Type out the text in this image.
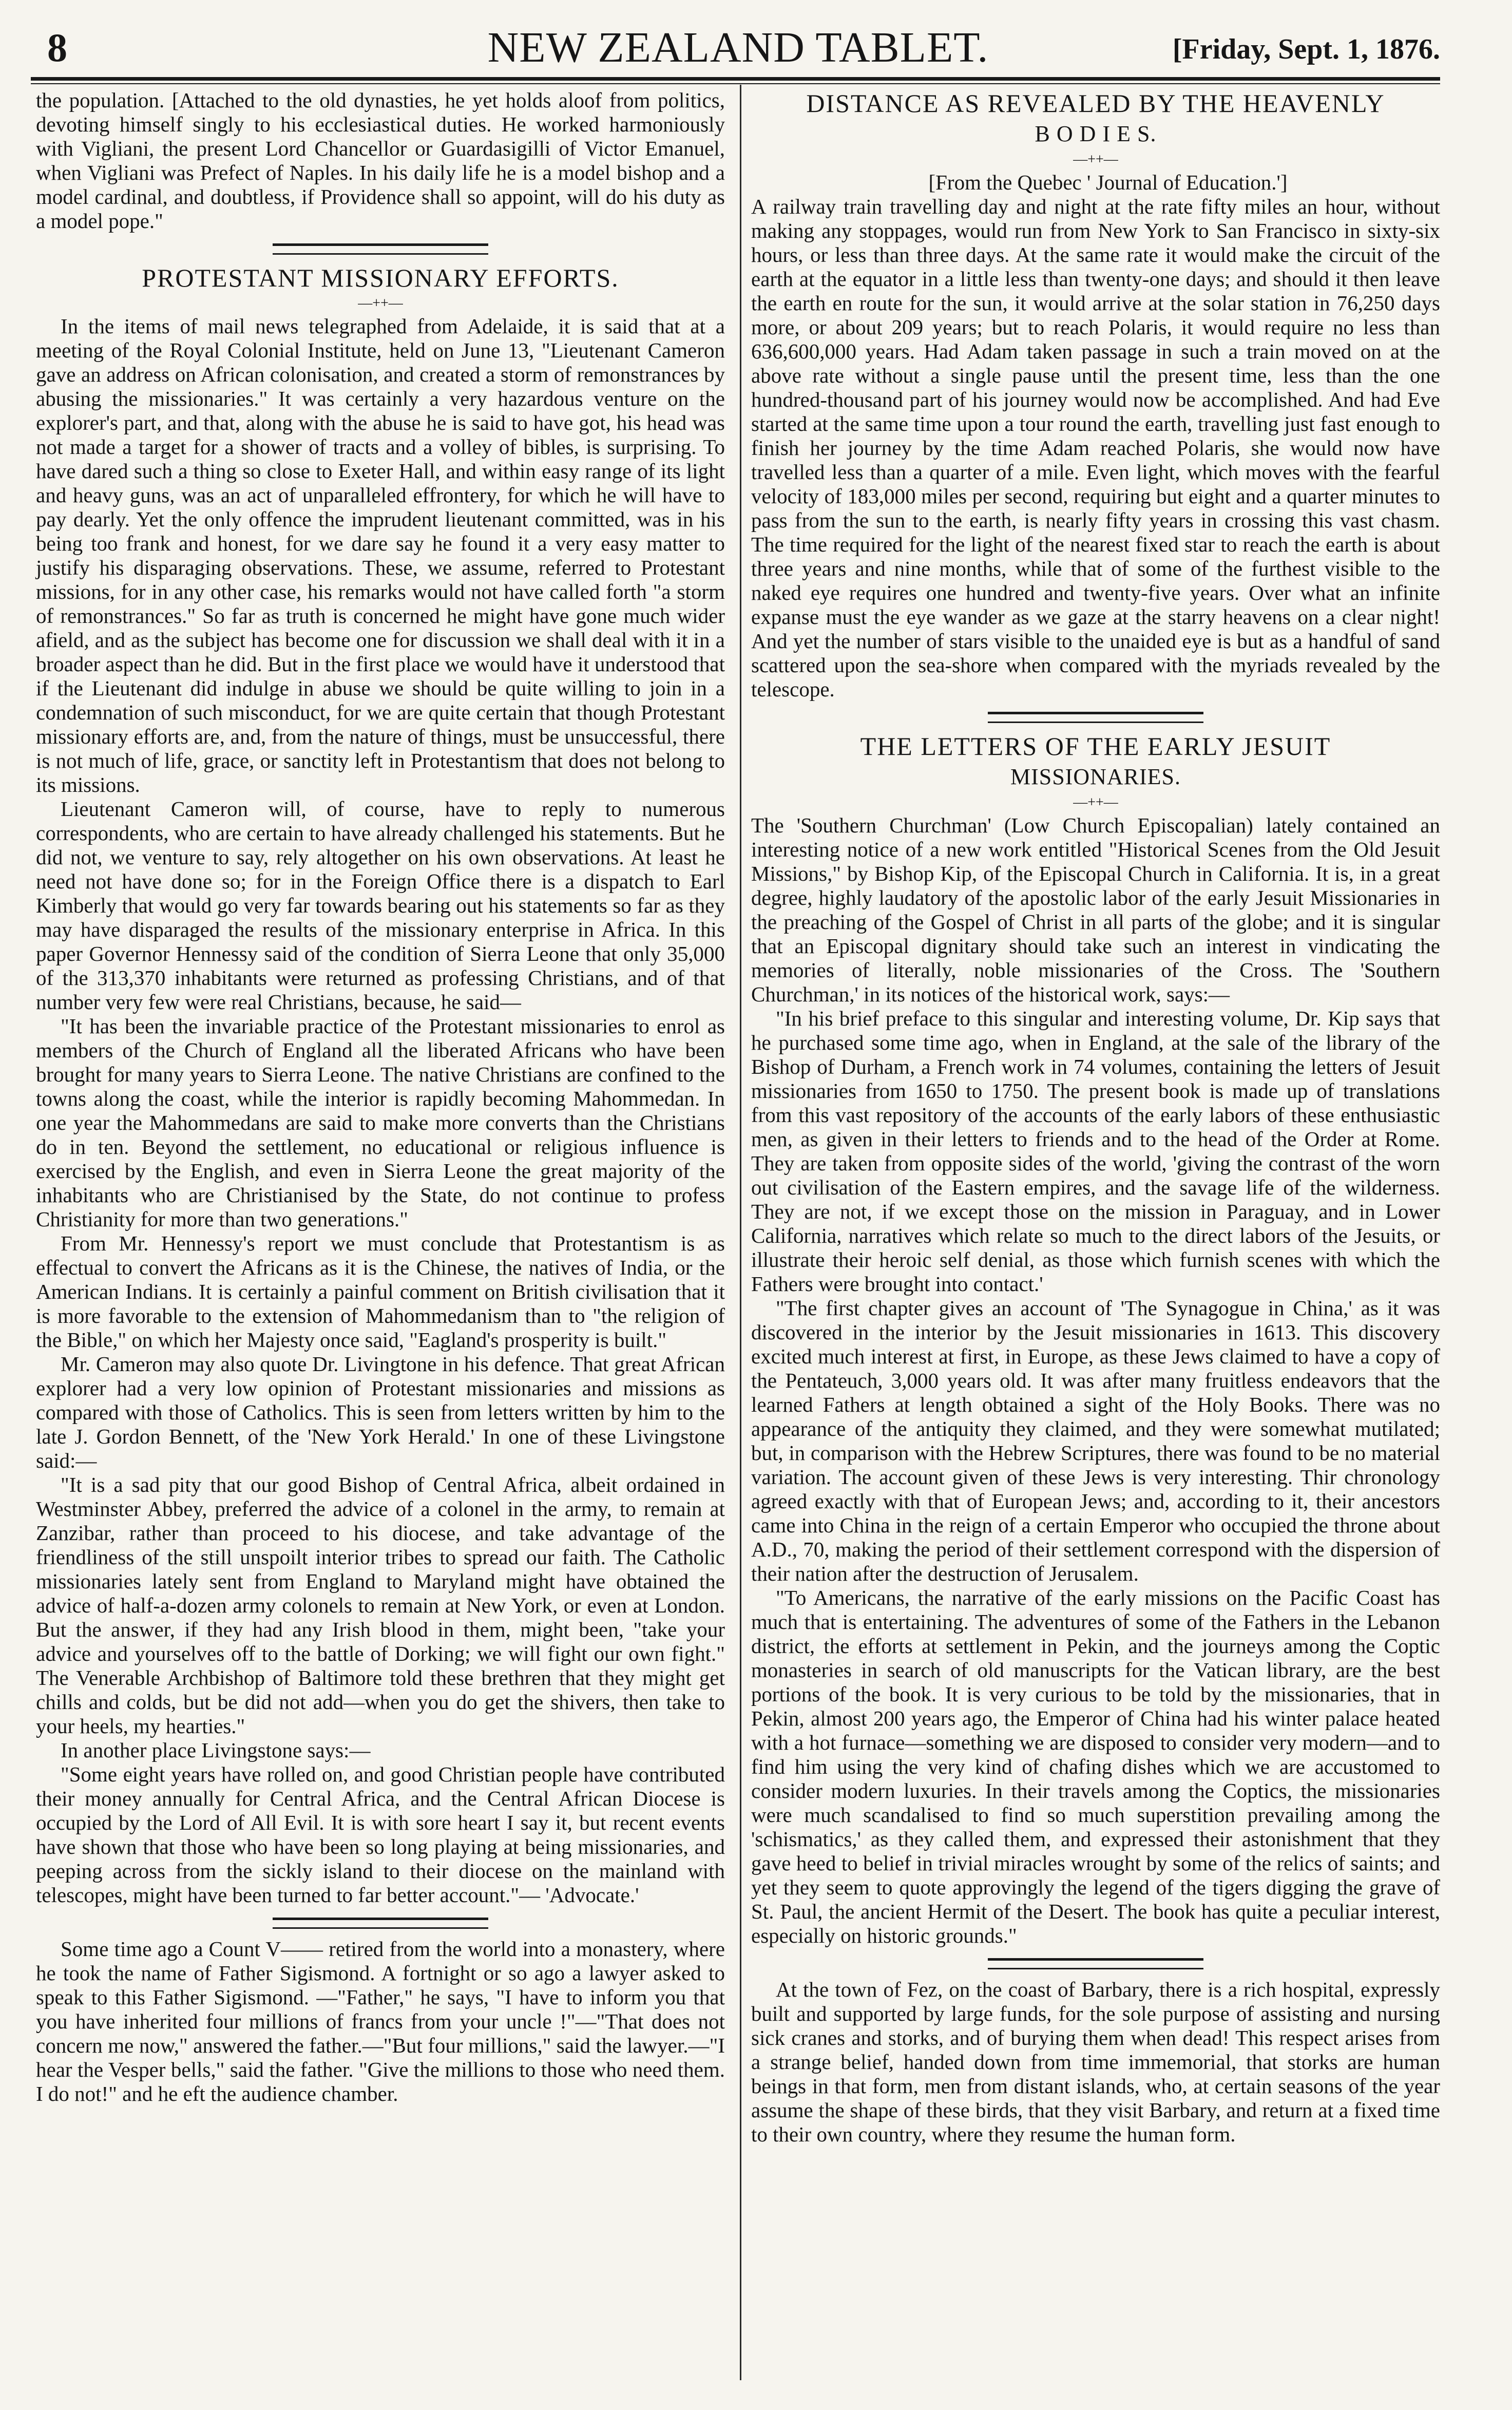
8	NEW ZEALAND TABLET.	[Friday, Sept. 1, 1876.

the population. [Attached to the old dynasties, he yet holds aloof from politics, devoting himself singly to his ecclesiastical duties. He worked harmoniously with Vigliani, the present Lord Chancellor or Guardasigilli of Victor Emanuel, when Vigliani was Prefect of Naples. In his daily life he is a model bishop and a model cardinal, and doubtless, if Providence shall so appoint, will do his duty as a model pope."

PROTESTANT MISSIONARY EFFORTS.
—++—

In the items of mail news telegraphed from Adelaide, it is said that at a meeting of the Royal Colonial Institute, held on June 13, "Lieutenant Cameron gave an address on African colonisation, and created a storm of remonstrances by abusing the missionaries." It was certainly a very hazardous venture on the explorer's part, and that, along with the abuse he is said to have got, his head was not made a target for a shower of tracts and a volley of bibles, is surprising. To have dared such a thing so close to Exeter Hall, and within easy range of its light and heavy guns, was an act of unparalleled effrontery, for which he will have to pay dearly. Yet the only offence the imprudent lieutenant committed, was in his being too frank and honest, for we dare say he found it a very easy matter to justify his disparaging observations. These, we assume, referred to Protestant missions, for in any other case, his remarks would not have called forth "a storm of remonstrances." So far as truth is concerned he might have gone much wider afield, and as the subject has become one for discussion we shall deal with it in a broader aspect than he did. But in the first place we would have it understood that if the Lieutenant did indulge in abuse we should be quite willing to join in a condemnation of such misconduct, for we are quite certain that though Protestant missionary efforts are, and, from the nature of things, must be unsuccessful, there is not much of life, grace, or sanctity left in Protestantism that does not belong to its missions.

Lieutenant Cameron will, of course, have to reply to numerous correspondents, who are certain to have already challenged his statements. But he did not, we venture to say, rely altogether on his own observations. At least he need not have done so; for in the Foreign Office there is a dispatch to Earl Kimberly that would go very far towards bearing out his statements so far as they may have disparaged the results of the missionary enterprise in Africa. In this paper Governor Hennessy said of the condition of Sierra Leone that only 35,000 of the 313,370 inhabitants were returned as professing Christians, and of that number very few were real Christians, because, he said—

"It has been the invariable practice of the Protestant missionaries to enrol as members of the Church of England all the liberated Africans who have been brought for many years to Sierra Leone. The native Christians are confined to the towns along the coast, while the interior is rapidly becoming Mahommedan. In one year the Mahommedans are said to make more converts than the Christians do in ten. Beyond the settlement, no educational or religious influence is exercised by the English, and even in Sierra Leone the great majority of the inhabitants who are Christianised by the State, do not continue to profess Christianity for more than two generations."

From Mr. Hennessy's report we must conclude that Protestantism is as effectual to convert the Africans as it is the Chinese, the natives of India, or the American Indians. It is certainly a painful comment on British civilisation that it is more favorable to the extension of Mahommedanism than to "the religion of the Bible," on which her Majesty once said, "Eagland's prosperity is built."

Mr. Cameron may also quote Dr. Livingtone in his defence. That great African explorer had a very low opinion of Protestant missionaries and missions as compared with those of Catholics. This is seen from letters written by him to the late J. Gordon Bennett, of the 'New York Herald.' In one of these Livingstone said:—

"It is a sad pity that our good Bishop of Central Africa, albeit ordained in Westminster Abbey, preferred the advice of a colonel in the army, to remain at Zanzibar, rather than proceed to his diocese, and take advantage of the friendliness of the still unspoilt interior tribes to spread our faith. The Catholic missionaries lately sent from England to Maryland might have obtained the advice of half-a-dozen army colonels to remain at New York, or even at London. But the answer, if they had any Irish blood in them, might been, "take your advice and yourselves off to the battle of Dorking; we will fight our own fight." The Venerable Archbishop of Baltimore told these brethren that they might get chills and colds, but be did not add—when you do get the shivers, then take to your heels, my hearties."

In another place Livingstone says:—

"Some eight years have rolled on, and good Christian people have contributed their money annually for Central Africa, and the Central African Diocese is occupied by the Lord of All Evil. It is with sore heart I say it, but recent events have shown that those who have been so long playing at being missionaries, and peeping across from the sickly island to their diocese on the mainland with telescopes, might have been turned to far better account."— 'Advocate.'

Some time ago a Count V—— retired from the world into a monastery, where he took the name of Father Sigismond. A fortnight or so ago a lawyer asked to speak to this Father Sigismond. —"Father," he says, "I have to inform you that you have inherited four millions of francs from your uncle !"—"That does not concern me now," answered the father.—"But four millions," said the lawyer.—"I hear the Vesper bells," said the father. "Give the millions to those who need them. I do not!" and he eft the audience chamber.

DISTANCE AS REVEALED BY THE HEAVENLY
B O D I E S.
—++—

[From the Quebec ' Journal of Education.']

A railway train travelling day and night at the rate fifty miles an hour, without making any stoppages, would run from New York to San Francisco in sixty-six hours, or less than three days. At the same rate it would make the circuit of the earth at the equator in a little less than twenty-one days; and should it then leave the earth en route for the sun, it would arrive at the solar station in 76,250 days more, or about 209 years; but to reach Polaris, it would require no less than 636,600,000 years. Had Adam taken passage in such a train moved on at the above rate without a single pause until the present time, less than the one hundred-thousand part of his journey would now be accomplished. And had Eve started at the same time upon a tour round the earth, travelling just fast enough to finish her journey by the time Adam reached Polaris, she would now have travelled less than a quarter of a mile. Even light, which moves with the fearful velocity of 183,000 miles per second, requiring but eight and a quarter minutes to pass from the sun to the earth, is nearly fifty years in crossing this vast chasm. The time required for the light of the nearest fixed star to reach the earth is about three years and nine months, while that of some of the furthest visible to the naked eye requires one hundred and twenty-five years. Over what an infinite expanse must the eye wander as we gaze at the starry heavens on a clear night! And yet the number of stars visible to the unaided eye is but as a handful of sand scattered upon the sea-shore when compared with the myriads revealed by the telescope.

THE LETTERS OF THE EARLY JESUIT
MISSIONARIES.
—++—

The 'Southern Churchman' (Low Church Episcopalian) lately contained an interesting notice of a new work entitled "Historical Scenes from the Old Jesuit Missions," by Bishop Kip, of the Episcopal Church in California. It is, in a great degree, highly laudatory of the apostolic labor of the early Jesuit Missionaries in the preaching of the Gospel of Christ in all parts of the globe; and it is singular that an Episcopal dignitary should take such an interest in vindicating the memories of literally, noble missionaries of the Cross. The 'Southern Churchman,' in its notices of the historical work, says:—

"In his brief preface to this singular and interesting volume, Dr. Kip says that he purchased some time ago, when in England, at the sale of the library of the Bishop of Durham, a French work in 74 volumes, containing the letters of Jesuit missionaries from 1650 to 1750. The present book is made up of translations from this vast repository of the accounts of the early labors of these enthusiastic men, as given in their letters to friends and to the head of the Order at Rome. They are taken from opposite sides of the world, 'giving the contrast of the worn out civilisation of the Eastern empires, and the savage life of the wilderness. They are not, if we except those on the mission in Paraguay, and in Lower California, narratives which relate so much to the direct labors of the Jesuits, or illustrate their heroic self denial, as those which furnish scenes with which the Fathers were brought into contact.'

"The first chapter gives an account of 'The Synagogue in China,' as it was discovered in the interior by the Jesuit missionaries in 1613. This discovery excited much interest at first, in Europe, as these Jews claimed to have a copy of the Pentateuch, 3,000 years old. It was after many fruitless endeavors that the learned Fathers at length obtained a sight of the Holy Books. There was no appearance of the antiquity they claimed, and they were somewhat mutilated; but, in comparison with the Hebrew Scriptures, there was found to be no material variation. The account given of these Jews is very interesting. Thir chronology agreed exactly with that of European Jews; and, according to it, their ancestors came into China in the reign of a certain Emperor who occupied the throne about A.D., 70, making the period of their settlement correspond with the dispersion of their nation after the destruction of Jerusalem.

"To Americans, the narrative of the early missions on the Pacific Coast has much that is entertaining. The adventures of some of the Fathers in the Lebanon district, the efforts at settlement in Pekin, and the journeys among the Coptic monasteries in search of old manuscripts for the Vatican library, are the best portions of the book. It is very curious to be told by the missionaries, that in Pekin, almost 200 years ago, the Emperor of China had his winter palace heated with a hot furnace—something we are disposed to consider very modern—and to find him using the very kind of chafing dishes which we are accustomed to consider modern luxuries. In their travels among the Coptics, the missionaries were much scandalised to find so much superstition prevailing among the 'schismatics,' as they called them, and expressed their astonishment that they gave heed to belief in trivial miracles wrought by some of the relics of saints; and yet they seem to quote approvingly the legend of the tigers digging the grave of St. Paul, the ancient Hermit of the Desert. The book has quite a peculiar interest, especially on historic grounds."

At the town of Fez, on the coast of Barbary, there is a rich hospital, expressly built and supported by large funds, for the sole purpose of assisting and nursing sick cranes and storks, and of burying them when dead! This respect arises from a strange belief, handed down from time immemorial, that storks are human beings in that form, men from distant islands, who, at certain seasons of the year assume the shape of these birds, that they visit Barbary, and return at a fixed time to their own country, where they resume the human form.
